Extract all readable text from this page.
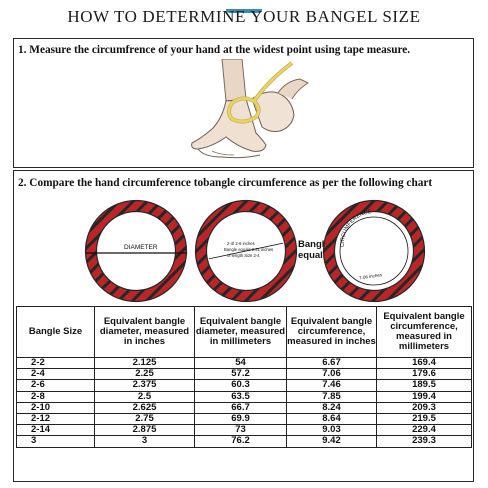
HOW TO DETERMINE YOUR BANGEL SIZE
1. Measure the circumfrence of your hand at the widest point using tape measure.
2. Compare the hand circumference tobangle circumference as per the following chart
DIAMETER
2-4/ 2-6 inches
Bangle equals 2.31 inches
of length Size 2-4
Bangle
equals
CIRCUMFERENCE
7.06 inches
Bangle Size	Equivalent bangle diameter, measured in inches	Equivalent bangle diameter, measured in millimeters	Equivalent bangle circumference, measured in inches	Equivalent bangle circumference, measured in millimeters
2-2	2.125	54	6.67	169.4
2-4	2.25	57.2	7.06	179.6
2-6	2.375	60.3	7.46	189.5
2-8	2.5	63.5	7.85	199.4
2-10	2.625	66.7	8.24	209.3
2-12	2.75	69.9	8.64	219.5
2-14	2.875	73	9.03	229.4
3	3	76.2	9.42	239.3
